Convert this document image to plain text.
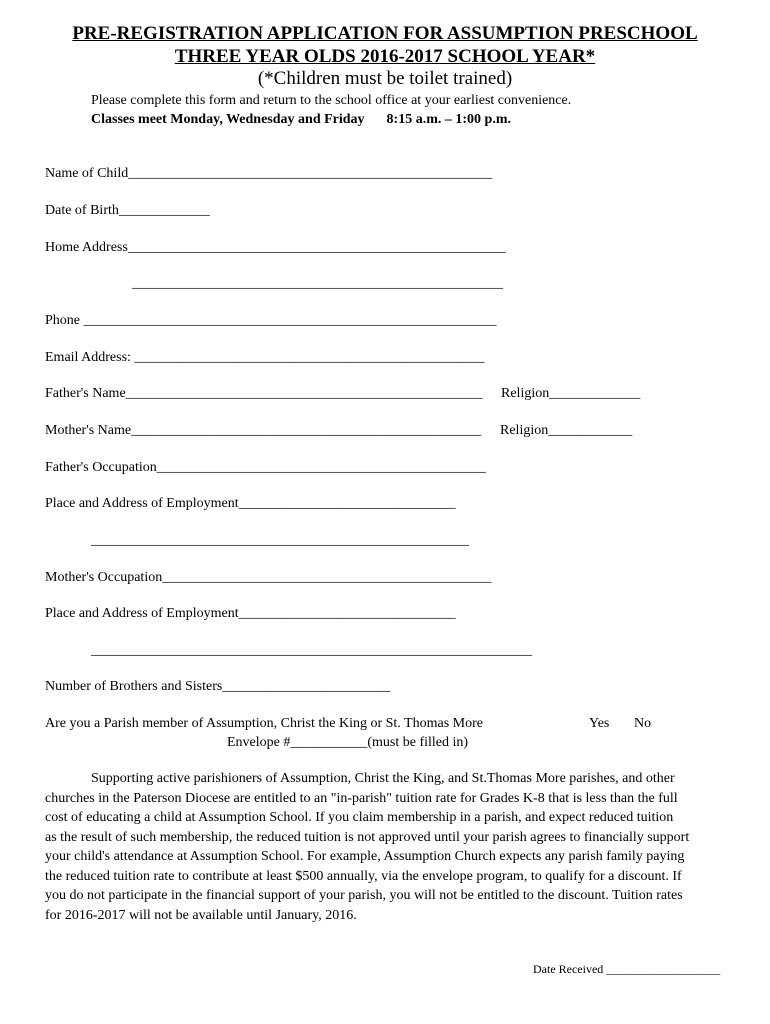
PRE-REGISTRATION APPLICATION FOR ASSUMPTION PRESCHOOL
THREE YEAR OLDS 2016-2017 SCHOOL YEAR*
(*Children must be toilet trained)
Please complete this form and return to the school office at your earliest convenience.
Classes meet Monday, Wednesday and Friday 8:15 a.m. – 1:00 p.m.
Name of Child____________________________________________________
Date of Birth_____________
Home Address______________________________________________________
_____________________________________________________
Phone ___________________________________________________________
Email Address: __________________________________________________
Father's Name___________________________________________________ Religion_____________
Mother's Name__________________________________________________ Religion____________
Father's Occupation_______________________________________________
Place and Address of Employment_______________________________
______________________________________________________
Mother's Occupation_______________________________________________
Place and Address of Employment_______________________________
_______________________________________________________________
Number of Brothers and Sisters________________________
Are you a Parish member of Assumption, Christ the King or St. Thomas More	Yes No
Envelope #___________(must be filled in)
Supporting active parishioners of Assumption, Christ the King, and St.Thomas More parishes, and other
churches in the Paterson Diocese are entitled to an "in-parish" tuition rate for Grades K-8 that is less than the full
cost of educating a child at Assumption School. If you claim membership in a parish, and expect reduced tuition
as the result of such membership, the reduced tuition is not approved until your parish agrees to financially support
your child's attendance at Assumption School. For example, Assumption Church expects any parish family paying
the reduced tuition rate to contribute at least $500 annually, via the envelope program, to qualify for a discount. If
you do not participate in the financial support of your parish, you will not be entitled to the discount. Tuition rates
for 2016-2017 will not be available until January, 2016.
Date Received ___________________
